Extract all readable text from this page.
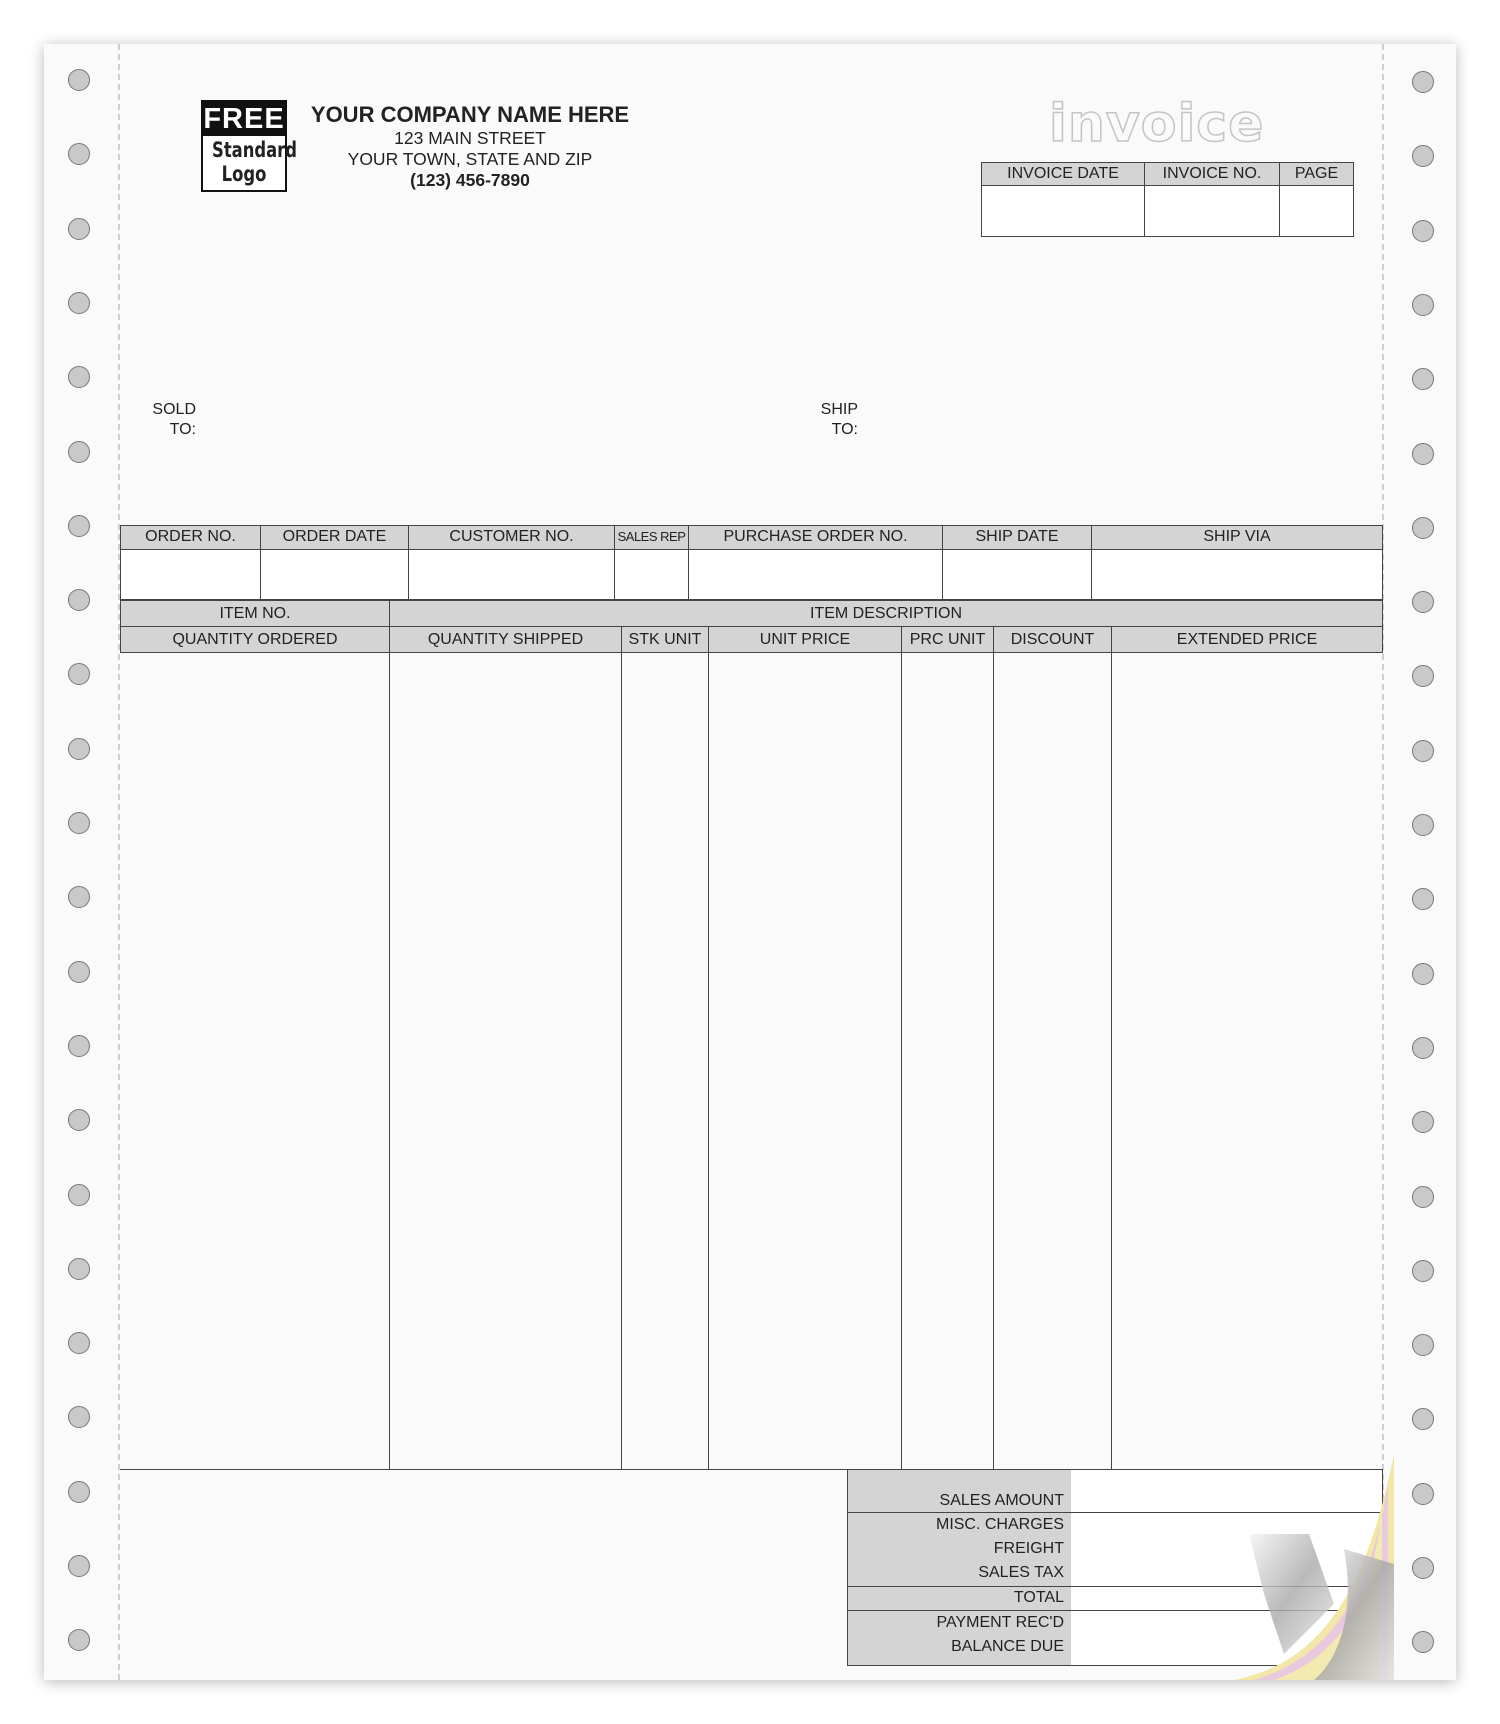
FREE
Standard
Logo
YOUR COMPANY NAME HERE
123 MAIN STREET
YOUR TOWN, STATE AND ZIP
(123) 456-7890
invoice
INVOICE DATE	INVOICE NO.	PAGE
SOLD
TO:
SHIP
TO:
ORDER NO.	ORDER DATE	CUSTOMER NO.	SALES REP	PURCHASE ORDER NO.	SHIP DATE	SHIP VIA
ITEM NO.	ITEM DESCRIPTION
QUANTITY ORDERED	QUANTITY SHIPPED	STK UNIT	UNIT PRICE	PRC UNIT	DISCOUNT	EXTENDED PRICE
SALES AMOUNT
MISC. CHARGES
FREIGHT
SALES TAX
TOTAL
PAYMENT REC'D
BALANCE DUE
